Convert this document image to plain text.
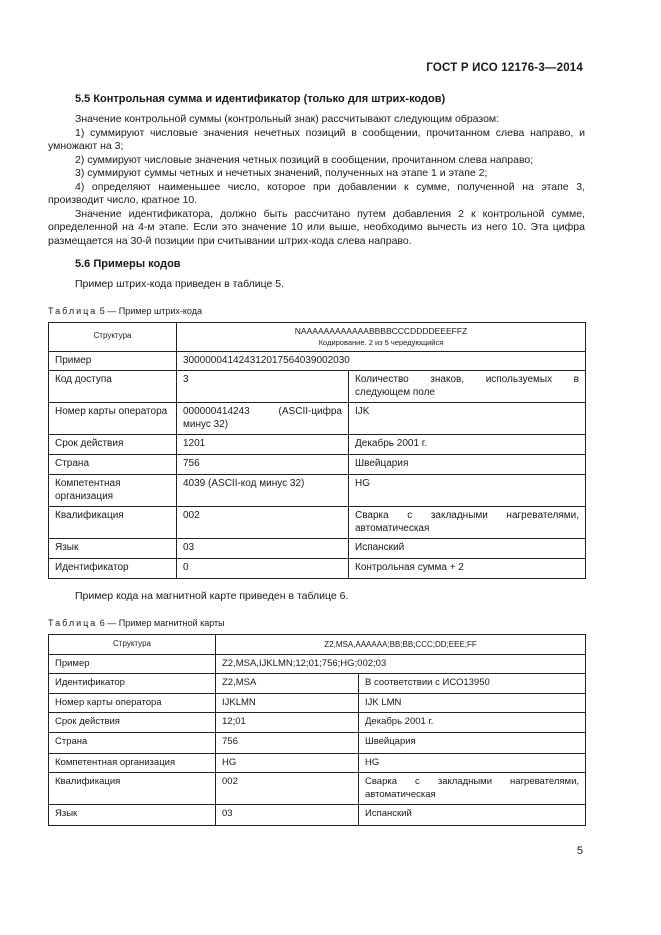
ГОСТ Р ИСО 12176-3—2014
5.5 Контрольная сумма и идентификатор (только для штрих-кодов)

Значение контрольной суммы (контрольный знак) рассчитывают следующим образом:

1) суммируют числовые значения нечетных позиций в сообщении, прочитанном слева направо, и умножают на 3;

2) суммируют числовые значения четных позиций в сообщении, прочитанном слева направо;

3) суммируют суммы четных и нечетных значений, полученных на этапе 1 и этапе 2;

4) определяют наименьшее число, которое при добавлении к сумме, полученной на этапе 3, производит число, кратное 10.

Значение идентификатора, должно быть рассчитано путем добавления 2 к контрольной сумме, определенной на 4-м этапе. Если это значение 10 или выше, необходимо вычесть из него 10. Эта цифра размещается на 30-й позиции при считывании штрих-кода слева направо.

5.6 Примеры кодов

Пример штрих-кода приведен в таблице 5.

Таблица 5 — Пример штрих-кода
Структура	NAAAAAAAAAAAABBBBCCCDDDDEEEFFZ
Кодирование. 2 из 5 чередующийся	

Пример	300000041424312017564039002030	
Код доступа	3	Количество знаков, используемых в следующем поле
Номер карты оператора	000000414243 (ASCII-цифра минус 32)	IJK
Срок действия	1201	Декабрь 2001 г.
Страна	756	Швейцария
Компетентная организация	4039 (ASCII-код минус 32)	HG
Квалификация	002	Сварка с закладными нагревателями, автоматическая
Язык	03	Испанский
Идентификатор	0	Контрольная сумма + 2

Пример кода на магнитной карте приведен в таблице 6.

Таблица 6 — Пример магнитной карты
Структура	Z2,MSA,AAAAAA;BB;BB;CCC;DD;EEE;FF	
Пример	Z2,MSA,IJKLMN;12;01;756;HG;002;03	
Идентификатор	Z2,MSA	В соответствии с ИСО13950
Номер карты оператора	IJKLMN	IJK LMN
Срок действия	12;01	Декабрь 2001 г.
Страна	756	Швейцария
Компетентная организация	HG	HG
Квалификация	002	Сварка с закладными нагревателями, автоматическая
Язык	03	Испанский
5
